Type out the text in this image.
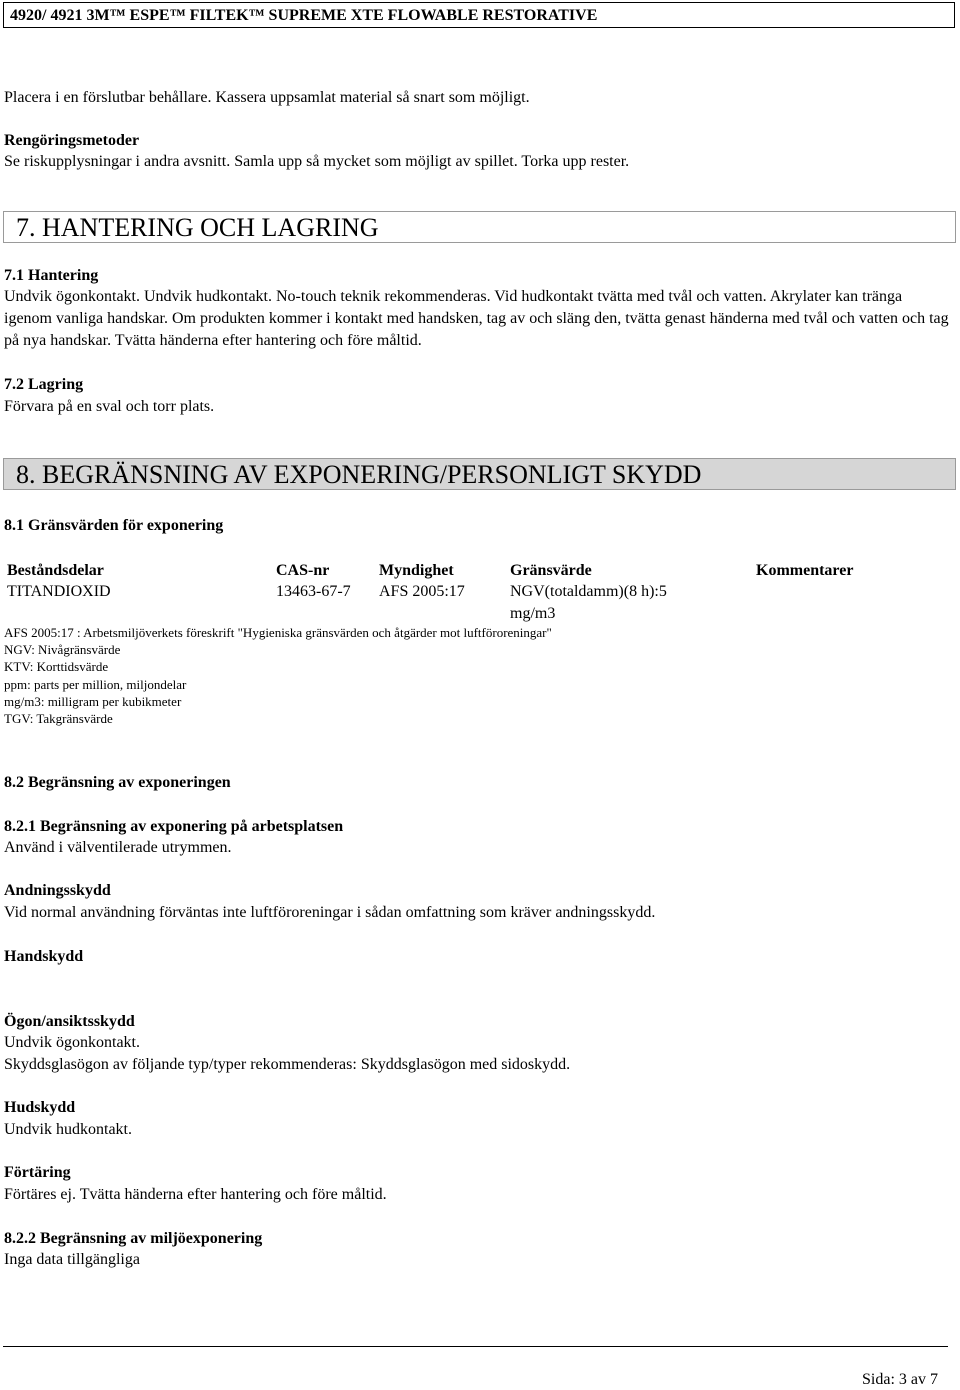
4920/ 4921 3M™ ESPE™ FILTEK™ SUPREME XTE FLOWABLE RESTORATIVE
Placera i en förslutbar behållare. Kassera uppsamlat material så snart som möjligt.
Rengöringsmetoder
Se riskupplysningar i andra avsnitt. Samla upp så mycket som möjligt av spillet. Torka upp rester.
7. HANTERING OCH LAGRING
7.1 Hantering
Undvik ögonkontakt. Undvik hudkontakt. No-touch teknik rekommenderas. Vid hudkontakt tvätta med tvål och vatten. Akrylater kan tränga igenom vanliga handskar. Om produkten kommer i kontakt med handsken, tag av och släng den, tvätta genast händerna med tvål och vatten och tag på nya handskar. Tvätta händerna efter hantering och före måltid.
7.2 Lagring
Förvara på en sval och torr plats.
8. BEGRÄNSNING AV EXPONERING/PERSONLIGT SKYDD
8.1 Gränsvärden för exponering
Beståndsdelar	CAS-nr	Myndighet	Gränsvärde	Kommentarer
TITANDIOXID	13463-67-7 AFS 2005:17	NGV(totaldamm)(8 h):5
mg/m3
AFS 2005:17 : Arbetsmiljöverkets föreskrift "Hygieniska gränsvärden och åtgärder mot luftföroreningar"
NGV: Nivågränsvärde
KTV: Korttidsvärde
ppm: parts per million, miljondelar
mg/m3: milligram per kubikmeter
TGV: Takgränsvärde
8.2 Begränsning av exponeringen
8.2.1 Begränsning av exponering på arbetsplatsen
Använd i välventilerade utrymmen.
Andningsskydd
Vid normal användning förväntas inte luftföroreningar i sådan omfattning som kräver andningsskydd.
Handskydd
Ögon/ansiktsskydd
Undvik ögonkontakt.
Skyddsglasögon av följande typ/typer rekommenderas: Skyddsglasögon med sidoskydd.
Hudskydd
Undvik hudkontakt.
Förtäring
Förtäres ej. Tvätta händerna efter hantering och före måltid.
8.2.2 Begränsning av miljöexponering
Inga data tillgängliga
Sida: 3 av 7
